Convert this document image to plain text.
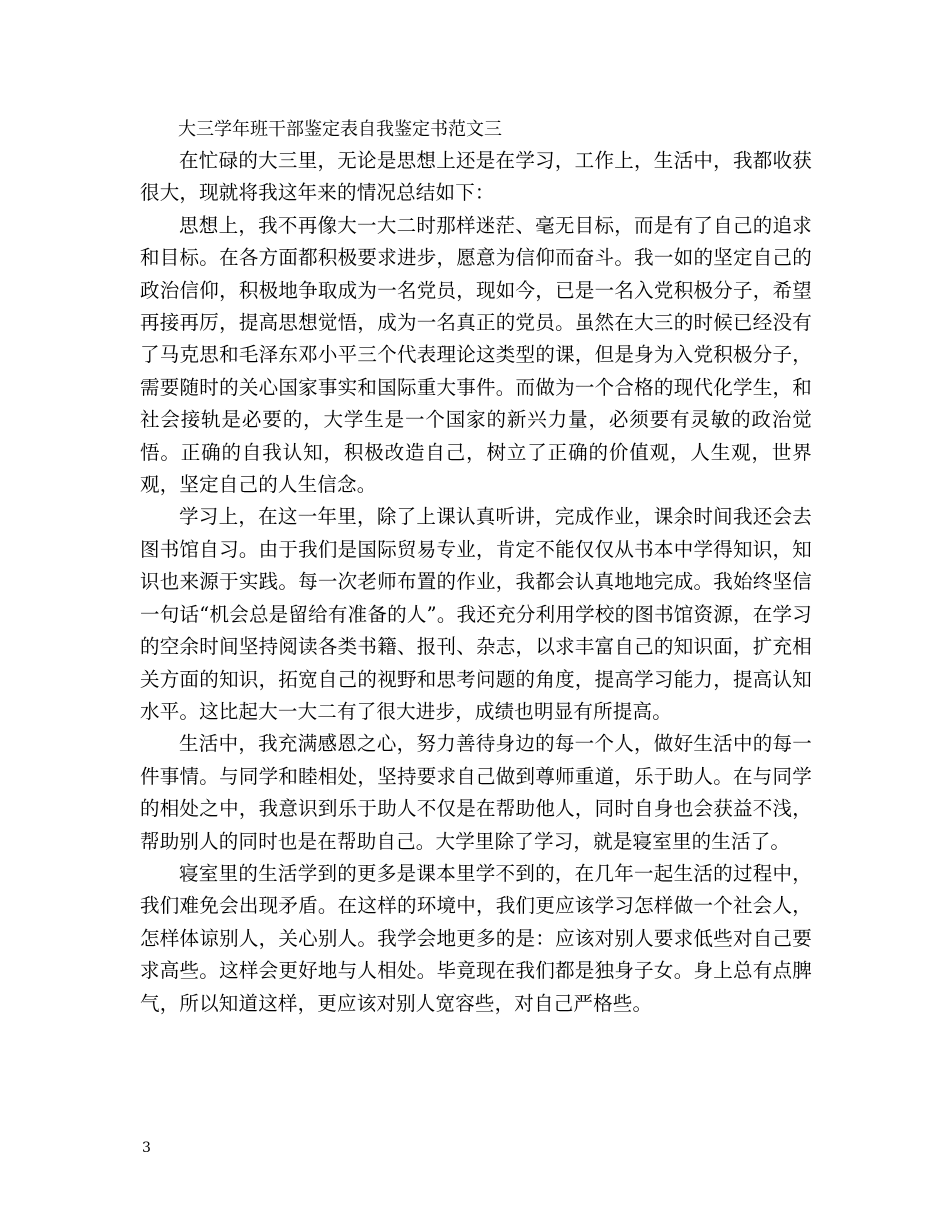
大三学年班干部鉴定表自我鉴定书范文三

在忙碌的大三里，无论是思想上还是在学习，工作上，生活中，我都收获很大，现就将我这年来的情况总结如下：

思想上，我不再像大一大二时那样迷茫、毫无目标，而是有了自己的追求和目标。在各方面都积极要求进步，愿意为信仰而奋斗。我一如的坚定自己的政治信仰，积极地争取成为一名党员，现如今，已是一名入党积极分子，希望再接再厉，提高思想觉悟，成为一名真正的党员。虽然在大三的时候已经没有了马克思和毛泽东邓小平三个代表理论这类型的课，但是身为入党积极分子，需要随时的关心国家事实和国际重大事件。而做为一个合格的现代化学生，和社会接轨是必要的，大学生是一个国家的新兴力量，必须要有灵敏的政治觉悟。正确的自我认知，积极改造自己，树立了正确的价值观，人生观，世界观，坚定自己的人生信念。

学习上，在这一年里，除了上课认真听讲，完成作业，课余时间我还会去图书馆自习。由于我们是国际贸易专业，肯定不能仅仅从书本中学得知识，知识也来源于实践。每一次老师布置的作业，我都会认真地地完成。我始终坚信一句话“机会总是留给有准备的人”。我还充分利用学校的图书馆资源，在学习的空余时间坚持阅读各类书籍、报刊、杂志，以求丰富自己的知识面，扩充相关方面的知识，拓宽自己的视野和思考问题的角度，提高学习能力，提高认知水平。这比起大一大二有了很大进步，成绩也明显有所提高。

生活中，我充满感恩之心，努力善待身边的每一个人，做好生活中的每一件事情。与同学和睦相处，坚持要求自己做到尊师重道，乐于助人。在与同学的相处之中，我意识到乐于助人不仅是在帮助他人，同时自身也会获益不浅，帮助别人的同时也是在帮助自己。大学里除了学习，就是寝室里的生活了。

寝室里的生活学到的更多是课本里学不到的，在几年一起生活的过程中，我们难免会出现矛盾。在这样的环境中，我们更应该学习怎样做一个社会人，怎样体谅别人，关心别人。我学会地更多的是：应该对别人要求低些对自己要求高些。这样会更好地与人相处。毕竟现在我们都是独身子女。身上总有点脾气，所以知道这样，更应该对别人宽容些，对自己严格些。

3
